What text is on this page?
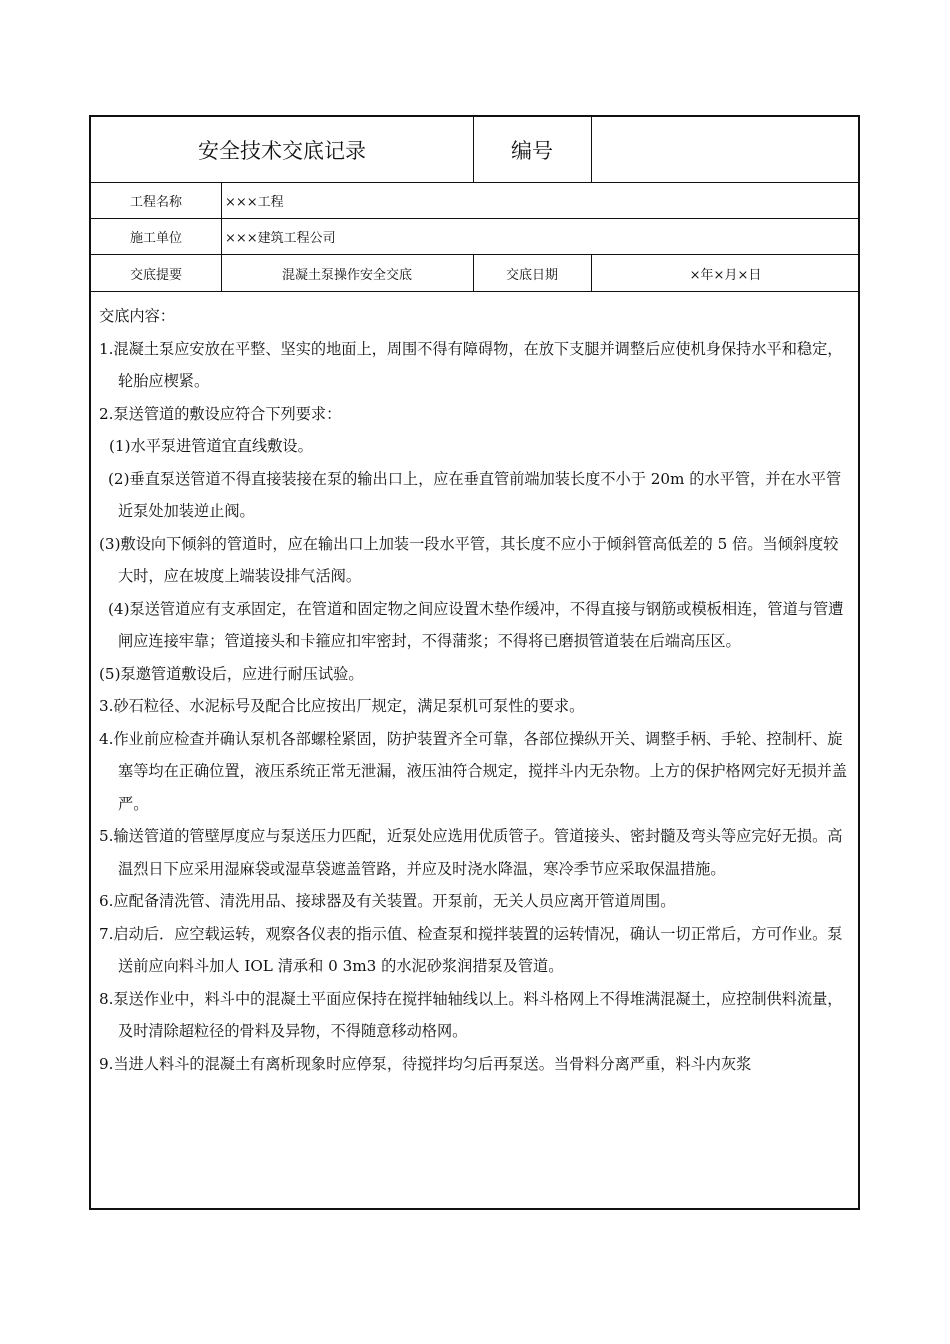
安全技术交底记录	编号
工程名称	×××工程
施工单位	×××建筑工程公司
交底提要	混凝土泵操作安全交底	交底日期	×年×月×日

交底内容：

1.混凝土泵应安放在平整、坚实的地面上，周围不得有障碍物，在放下支腿并调整后应使机身保持水平和稳定，轮胎应楔紧。

2.泵送管道的敷设应符合下列要求：

(1)水平泵进管道宜直线敷设。

(2)垂直泵送管道不得直接装接在泵的输出口上，应在垂直管前端加装长度不小于 20m 的水平管，并在水平管近泵处加装逆止阀。

(3)敷设向下倾斜的管道时，应在输出口上加装一段水平管，其长度不应小于倾斜管高低差的 5 倍。当倾斜度较大时，应在坡度上端装设排气活阀。

(4)泵送管道应有支承固定，在管道和固定物之间应设置木垫作缓冲，不得直接与钢筋或模板相连，管道与管遭闸应连接牢靠；管道接头和卡箍应扣牢密封，不得蒲浆；不得将已磨损管道装在后端高压区。

(5)泵邀管道敷设后，应进行耐压试验。

3.砂石粒径、水泥标号及配合比应按出厂规定，满足泵机可泵性的要求。

4.作业前应检查并确认泵机各部螺栓紧固，防护装置齐全可靠，各部位操纵开关、调整手柄、手轮、控制杆、旋塞等均在正确位置，液压系统正常无泄漏，液压油符合规定，搅拌斗内无杂物。上方的保护格网完好无损并盖严。

5.输送管道的管壁厚度应与泵送压力匹配，近泵处应选用优质管子。管道接头、密封髓及弯头等应完好无损。高温烈日下应采用湿麻袋或湿草袋遮盖管路，并应及时浇水降温，寒冷季节应采取保温措施。

6.应配备清洗管、清洗用品、接球器及有关装置。开泵前，无关人员应离开管道周围。

7.启动后．应空载运转，观察各仪表的指示值、检查泵和搅拌装置的运转情况，确认一切正常后，方可作业。泵送前应向料斗加人 IOL 清承和 0 3m3 的水泥砂浆润措泵及管道。

8.泵送作业中，料斗中的混凝土平面应保持在搅拌轴轴线以上。料斗格网上不得堆满混凝土，应控制供料流量，及时清除超粒径的骨料及异物，不得随意移动格网。

9.当进人料斗的混凝土有离析现象时应停泵，待搅拌均匀后再泵送。当骨料分离严重，料斗内灰浆
